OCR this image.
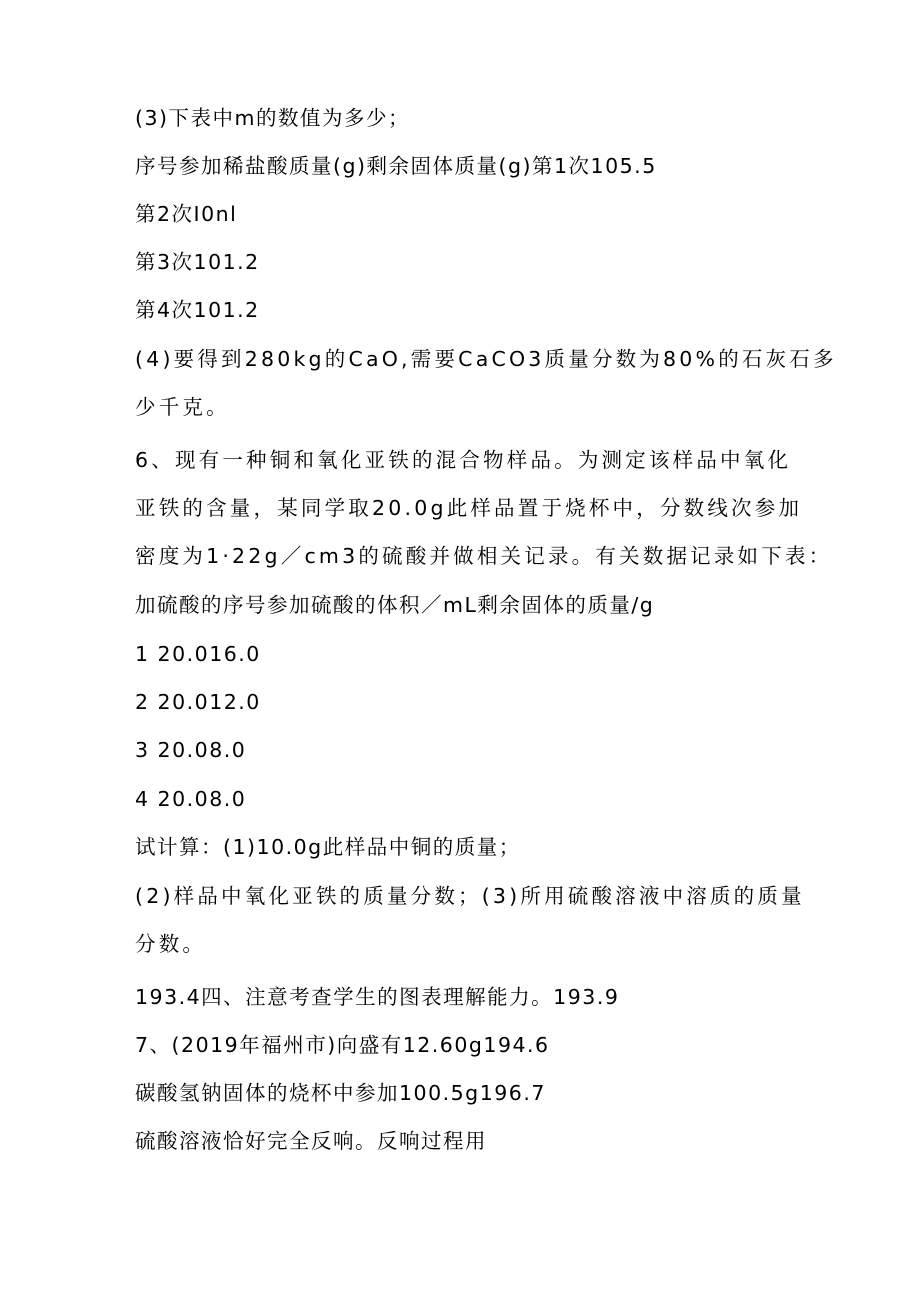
(3)下表中m的数值为多少；
序号参加稀盐酸质量(g)剩余固体质量(g)第1次105.5
第2次I0nl
第3次101.2
第4次101.2
(4)要得到280kg的CaO,需要CaCO3质量分数为80%的石灰石多
少千克。
6、现有一种铜和氧化亚铁的混合物样品。为测定该样品中氧化
亚铁的含量，某同学取20.0g此样品置于烧杯中，分数线次参加
密度为1·22g／cm3的硫酸并做相关记录。有关数据记录如下表：
加硫酸的序号参加硫酸的体积／mL剩余固体的质量/g
1 20.016.0
2 20.012.0
3 20.08.0
4 20.08.0
试计算：(1)10.0g此样品中铜的质量；
(2)样品中氧化亚铁的质量分数；(3)所用硫酸溶液中溶质的质量
分数。
193.4四、注意考查学生的图表理解能力。193.9
7、(2019年福州市)向盛有12.60g194.6
碳酸氢钠固体的烧杯中参加100.5g196.7
硫酸溶液恰好完全反响。反响过程用
